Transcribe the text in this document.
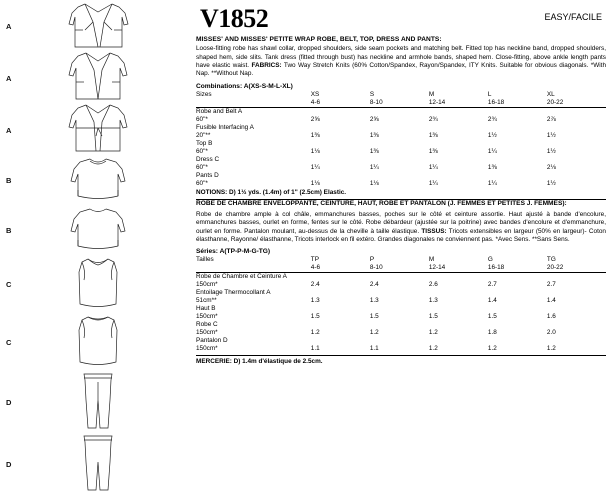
A
A
A
B
B
C
C
D
D
V1852	EASY/FACILE
MISSES' AND MISSES' PETITE WRAP ROBE, BELT, TOP, DRESS AND PANTS:
Loose-fitting robe has shawl collar, dropped shoulders, side seam pockets and matching belt. Fitted top has neckline band, dropped shoulders, shaped hem, side slits. Tank dress (fitted through bust) has neckline and armhole bands, shaped hem. Close-fitting, above ankle length pants have elastic waist. FABRICS: Two Way Stretch Knits (60% Cotton/Spandex, Rayon/Spandex, ITY Knits. Suitable for obvious diagonals. *With Nap. **Without Nap.
Combinations: A(XS-S-M-L-XL)
Sizes	XS	S	M	L	XL
	4-6	8-10	12-14	16-18	20-22

Robe and Belt A					
60"*	2⅝	2⅝	2¾	2¾	2⅞
Fusible Interfacing A					
20"**	1⅜	1⅜	1⅜	1½	1½
Top B					
60"*	1⅛	1⅜	1⅜	1¼	1½
Dress C					
60"*	1¼	1¼	1¼	1⅜	2⅛
Pants D					
60"*	1⅛	1⅛	1¼	1¼	1½
NOTIONS: D) 1½ yds. (1.4m) of 1" (2.5cm) Elastic.
ROBE DE CHAMBRE ENVELOPPANTE, CEINTURE, HAUT, ROBE ET PANTALON (J. FEMMES ET PETITES J. FEMMES):
Robe de chambre ample à col châle, emmanchures basses, poches sur le côté et ceinture assortie. Haut ajusté à bande d'encolure, emmanchures basses, ourlet en forme, fentes sur le côté. Robe débardeur (ajustée sur la poitrine) avec bandes d'encolure et d'emmanchure, ourlet en forme. Pantalon moulant, au-dessus de la cheville à taille élastique. TISSUS: Tricots extensibles en largeur (50% en largeur)- Coton élasthanne, Rayonne/ élasthanne, Tricots interlock en fil extéro. Grandes diagonales ne conviennent pas. *Avec Sens. **Sans Sens.
Séries: A(TP-P-M-G-TG)
Tailles	TP	P	M	G	TG
	4-6	8-10	12-14	16-18	20-22

Robe de Chambre et Ceinture A					
150cm*	2.4	2.4	2.6	2.7	2.7
Entoilage Thermocollant A					
51cm**	1.3	1.3	1.3	1.4	1.4
Haut B					
150cm*	1.5	1.5	1.5	1.5	1.6
Robe C					
150cm*	1.2	1.2	1.2	1.8	2.0
Pantalon D					
150cm*	1.1	1.1	1.2	1.2	1.2
MERCERIE: D) 1.4m d'élastique de 2.5cm.
